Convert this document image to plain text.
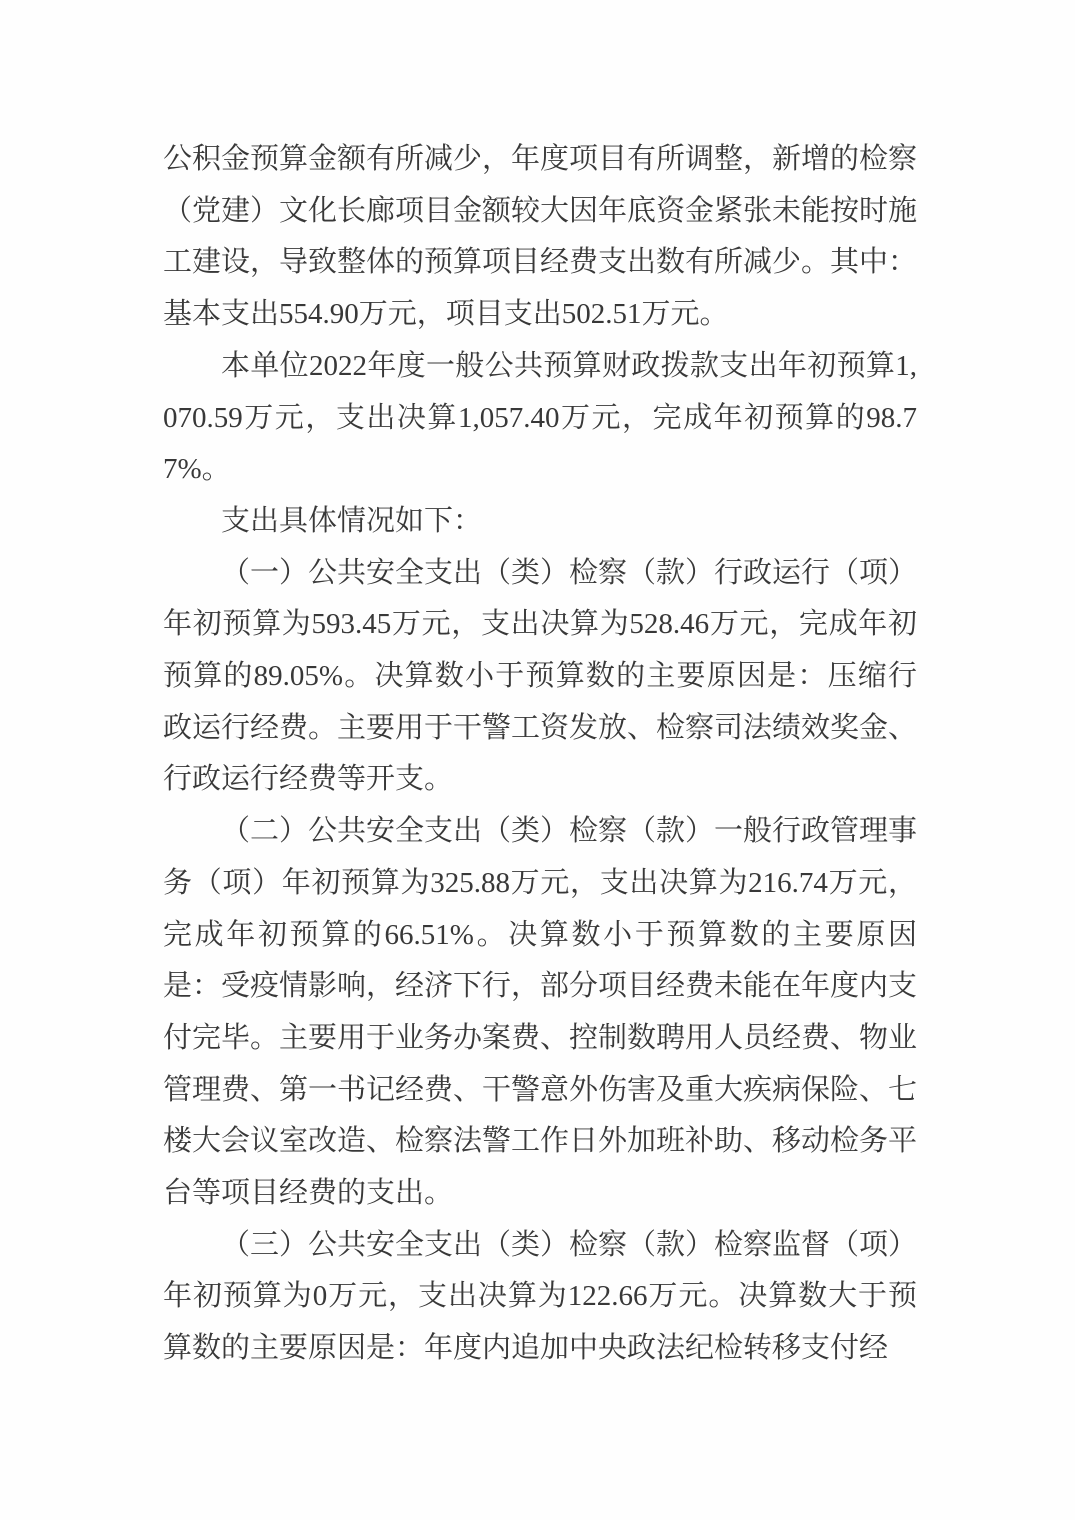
公积金预算金额有所减少，年度项目有所调整，新增的检察（党建）文化长廊项目金额较大因年底资金紧张未能按时施工建设，导致整体的预算项目经费支出数有所减少。其中：基本支出554.90万元，项目支出502.51万元。

本单位2022年度一般公共预算财政拨款支出年初预算1,070.59万元，支出决算1,057.40万元，完成年初预算的98.77%。

支出具体情况如下：

（一）公共安全支出（类）检察（款）行政运行（项）年初预算为593.45万元，支出决算为528.46万元，完成年初预算的89.05%。决算数小于预算数的主要原因是：压缩行政运行经费。主要用于干警工资发放、检察司法绩效奖金、行政运行经费等开支。

（二）公共安全支出（类）检察（款）一般行政管理事务（项）年初预算为325.88万元，支出决算为216.74万元，完成年初预算的66.51%。决算数小于预算数的主要原因是：受疫情影响，经济下行，部分项目经费未能在年度内支付完毕。主要用于业务办案费、控制数聘用人员经费、物业管理费、第一书记经费、干警意外伤害及重大疾病保险、七楼大会议室改造、检察法警工作日外加班补助、移动检务平台等项目经费的支出。

（三）公共安全支出（类）检察（款）检察监督（项）年初预算为0万元，支出决算为122.66万元。决算数大于预算数的主要原因是：年度内追加中央政法纪检转移支付经
